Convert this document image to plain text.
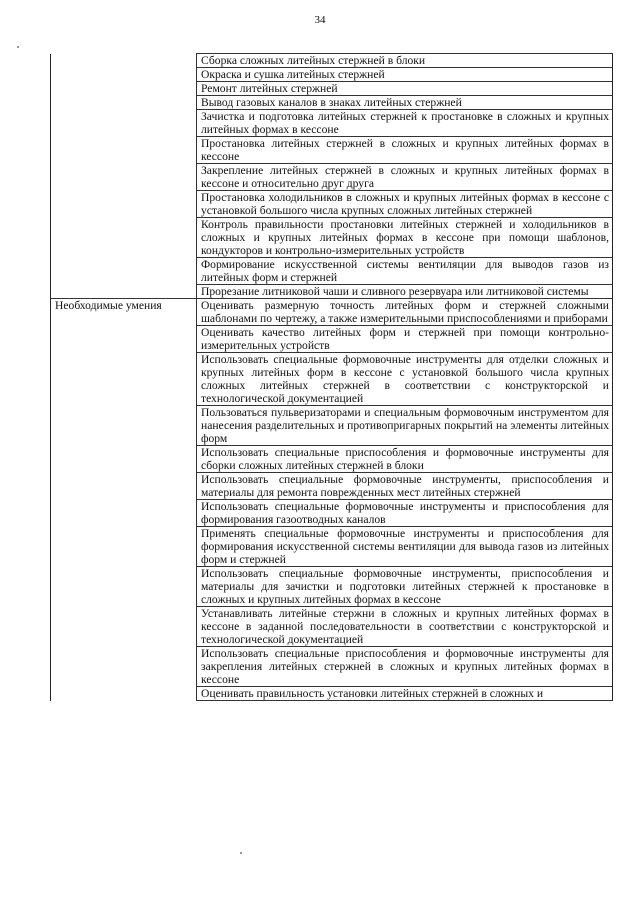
34
	Сборка сложных литейных стержней в блоки
	Окраска и сушка литейных стержней
	Ремонт литейных стержней
	Вывод газовых каналов в знаках литейных стержней
	Зачистка и подготовка литейных стержней к простановке в сложных и крупных литейных формах в кессоне
	Простановка литейных стержней в сложных и крупных литейных формах в кессоне
	Закрепление литейных стержней в сложных и крупных литейных формах в кессоне и относительно друг друга
	Простановка холодильников в сложных и крупных литейных формах в кессоне с установкой большого числа крупных сложных литейных стержней
	Контроль правильности простановки литейных стержней и холодильников в сложных и крупных литейных формах в кессоне при помощи шаблонов, кондукторов и контрольно-измерительных устройств
	Формирование искусственной системы вентиляции для выводов газов из литейных форм и стержней
	Прорезание литниковой чаши и сливного резервуара или литниковой системы
Необходимые умения	Оценивать размерную точность литейных форм и стержней сложными шаблонами по чертежу, а также измерительными приспособлениями и приборами
	Оценивать качество литейных форм и стержней при помощи контрольно-измерительных устройств
	Использовать специальные формовочные инструменты для отделки сложных и крупных литейных форм в кессоне с установкой большого числа крупных сложных литейных стержней в соответствии с конструкторской и технологической документацией
	Пользоваться пульверизаторами и специальным формовочным инструментом для нанесения разделительных и противопригарных покрытий на элементы литейных форм
	Использовать специальные приспособления и формовочные инструменты для сборки сложных литейных стержней в блоки
	Использовать специальные формовочные инструменты, приспособления и материалы для ремонта поврежденных мест литейных стержней
	Использовать специальные формовочные инструменты и приспособления для формирования газоотводных каналов
	Применять специальные формовочные инструменты и приспособления для формирования искусственной системы вентиляции для вывода газов из литейных форм и стержней
	Использовать специальные формовочные инструменты, приспособления и материалы для зачистки и подготовки литейных стержней к простановке в сложных и крупных литейных формах в кессоне
	Устанавливать литейные стержни в сложных и крупных литейных формах в кессоне в заданной последовательности в соответствии с конструкторской и технологической документацией
	Использовать специальные приспособления и формовочные инструменты для закрепления литейных стержней в сложных и крупных литейных формах в кессоне
	Оценивать правильность установки литейных стержней в сложных и
